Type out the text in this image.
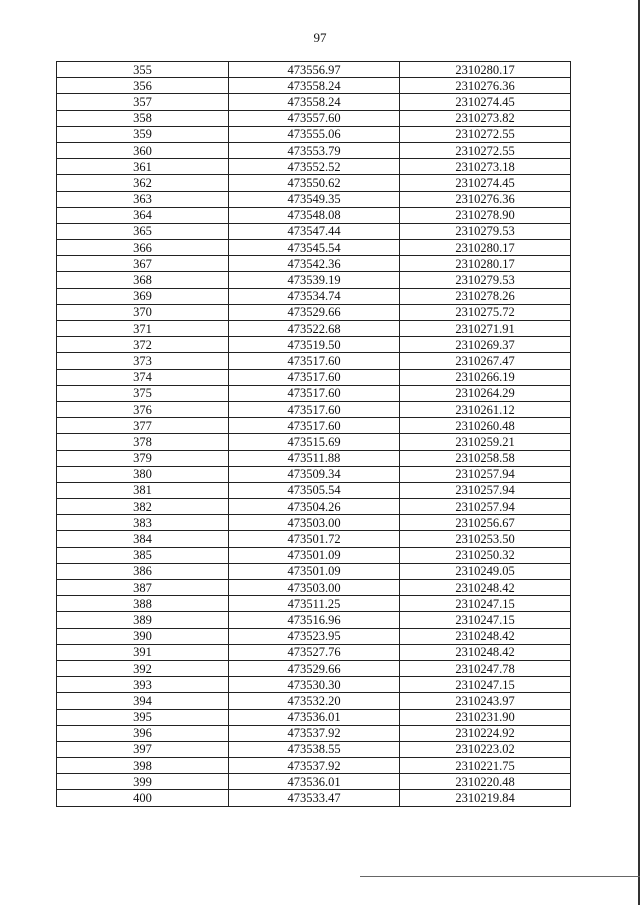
97
355	473556.97	2310280.17
356	473558.24	2310276.36
357	473558.24	2310274.45
358	473557.60	2310273.82
359	473555.06	2310272.55
360	473553.79	2310272.55
361	473552.52	2310273.18
362	473550.62	2310274.45
363	473549.35	2310276.36
364	473548.08	2310278.90
365	473547.44	2310279.53
366	473545.54	2310280.17
367	473542.36	2310280.17
368	473539.19	2310279.53
369	473534.74	2310278.26
370	473529.66	2310275.72
371	473522.68	2310271.91
372	473519.50	2310269.37
373	473517.60	2310267.47
374	473517.60	2310266.19
375	473517.60	2310264.29
376	473517.60	2310261.12
377	473517.60	2310260.48
378	473515.69	2310259.21
379	473511.88	2310258.58
380	473509.34	2310257.94
381	473505.54	2310257.94
382	473504.26	2310257.94
383	473503.00	2310256.67
384	473501.72	2310253.50
385	473501.09	2310250.32
386	473501.09	2310249.05
387	473503.00	2310248.42
388	473511.25	2310247.15
389	473516.96	2310247.15
390	473523.95	2310248.42
391	473527.76	2310248.42
392	473529.66	2310247.78
393	473530.30	2310247.15
394	473532.20	2310243.97
395	473536.01	2310231.90
396	473537.92	2310224.92
397	473538.55	2310223.02
398	473537.92	2310221.75
399	473536.01	2310220.48
400	473533.47	2310219.84
